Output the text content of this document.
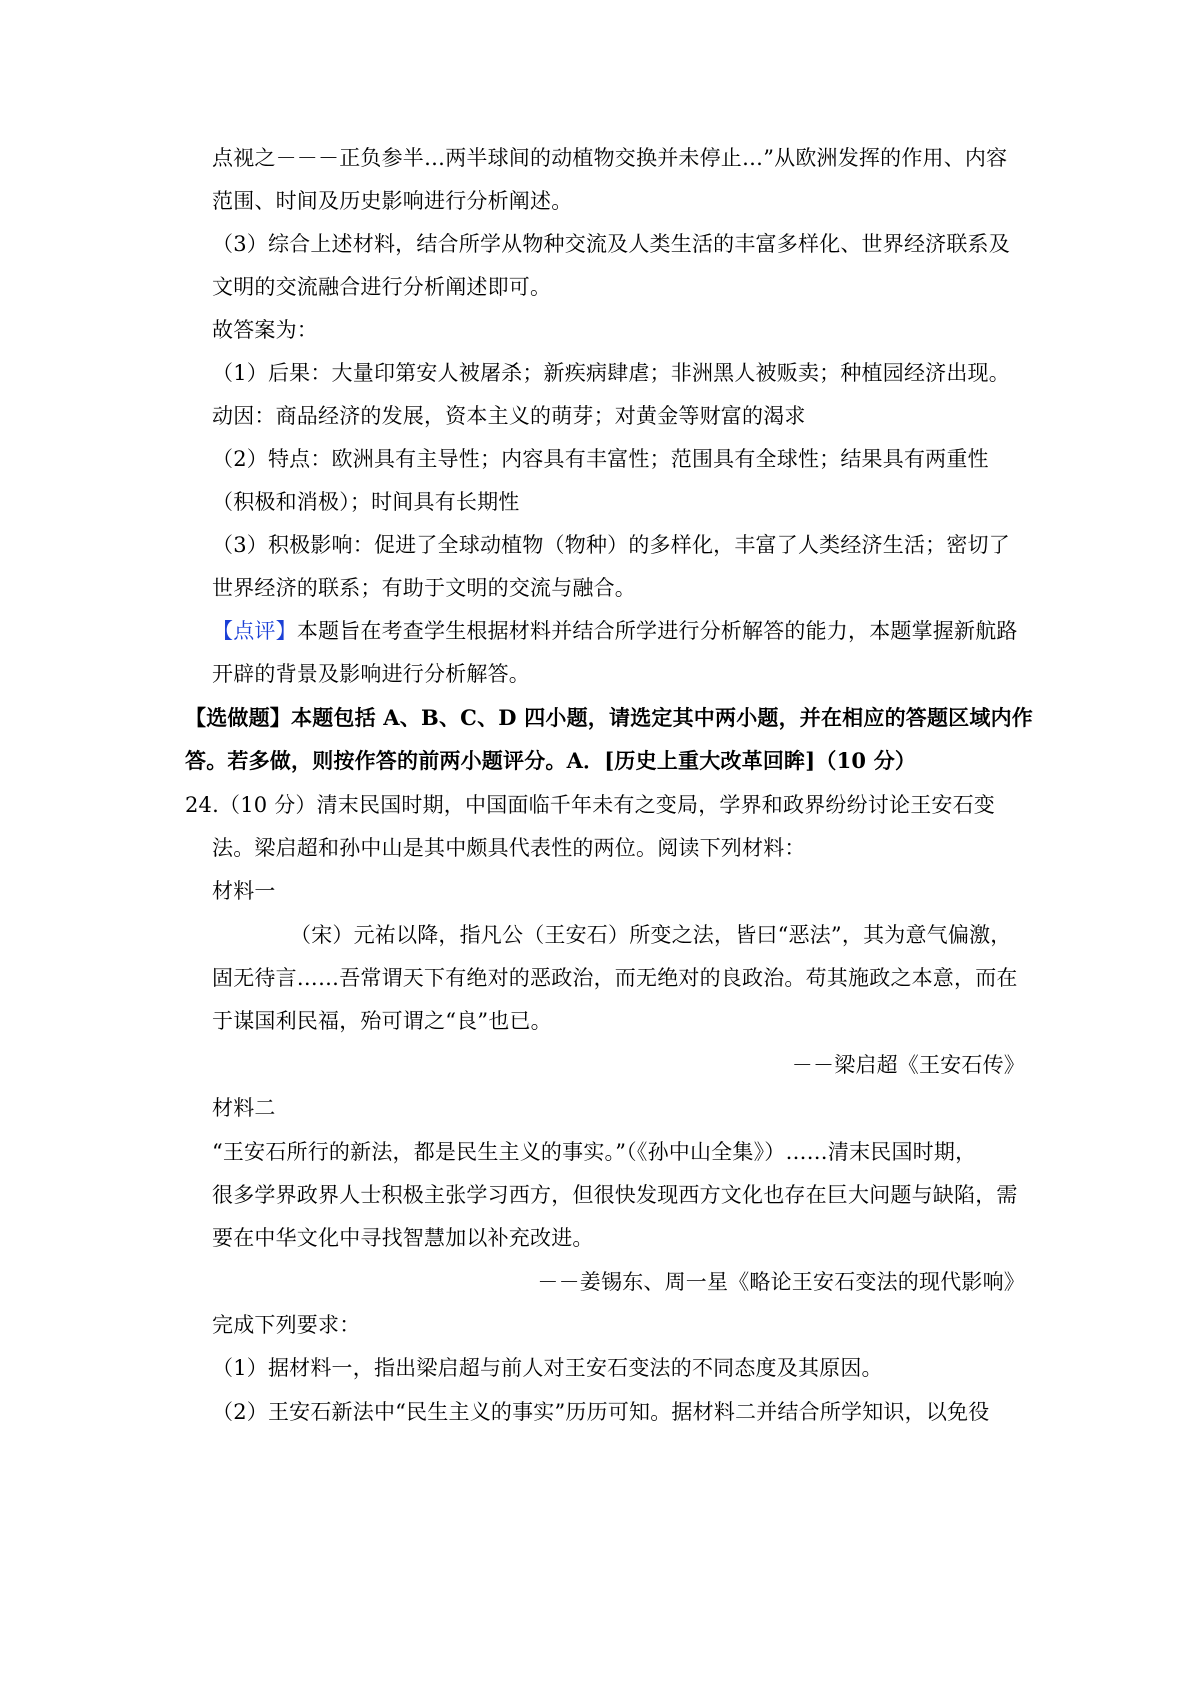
点视之－－－正负参半…两半球间的动植物交换并未停止…”从欧洲发挥的作用、内容
范围、时间及历史影响进行分析阐述。
（3）综合上述材料，结合所学从物种交流及人类生活的丰富多样化、世界经济联系及
文明的交流融合进行分析阐述即可。
故答案为：
（1）后果：大量印第安人被屠杀；新疾病肆虐；非洲黑人被贩卖；种植园经济出现。
动因：商品经济的发展，资本主义的萌芽；对黄金等财富的渴求
（2）特点：欧洲具有主导性；内容具有丰富性；范围具有全球性；结果具有两重性
（积极和消极）；时间具有长期性
（3）积极影响：促进了全球动植物（物种）的多样化，丰富了人类经济生活；密切了
世界经济的联系；有助于文明的交流与融合。
【点评】本题旨在考查学生根据材料并结合所学进行分析解答的能力，本题掌握新航路
开辟的背景及影响进行分析解答。
【选做题】本题包括 A、B、C、D 四小题，请选定其中两小题，并在相应的答题区域内作
答。若多做，则按作答的前两小题评分。A．[历史上重大改革回眸]（10 分）
24.（10 分）清末民国时期，中国面临千年未有之变局，学界和政界纷纷讨论王安石变
法。梁启超和孙中山是其中颇具代表性的两位。阅读下列材料：
材料一
（宋）元祐以降，指凡公（王安石）所变之法，皆曰“恶法”，其为意气偏激，
固无待言……吾常谓天下有绝对的恶政治，而无绝对的良政治。苟其施政之本意，而在
于谋国利民福，殆可谓之“良”也已。
－－梁启超《王安石传》
材料二
“王安石所行的新法，都是民生主义的事实。”（《孙中山全集》）……清末民国时期，
很多学界政界人士积极主张学习西方，但很快发现西方文化也存在巨大问题与缺陷，需
要在中华文化中寻找智慧加以补充改进。
－－姜锡东、周一星《略论王安石变法的现代影响》
完成下列要求：
（1）据材料一，指出梁启超与前人对王安石变法的不同态度及其原因。
（2）王安石新法中“民生主义的事实”历历可知。据材料二并结合所学知识，以免役
